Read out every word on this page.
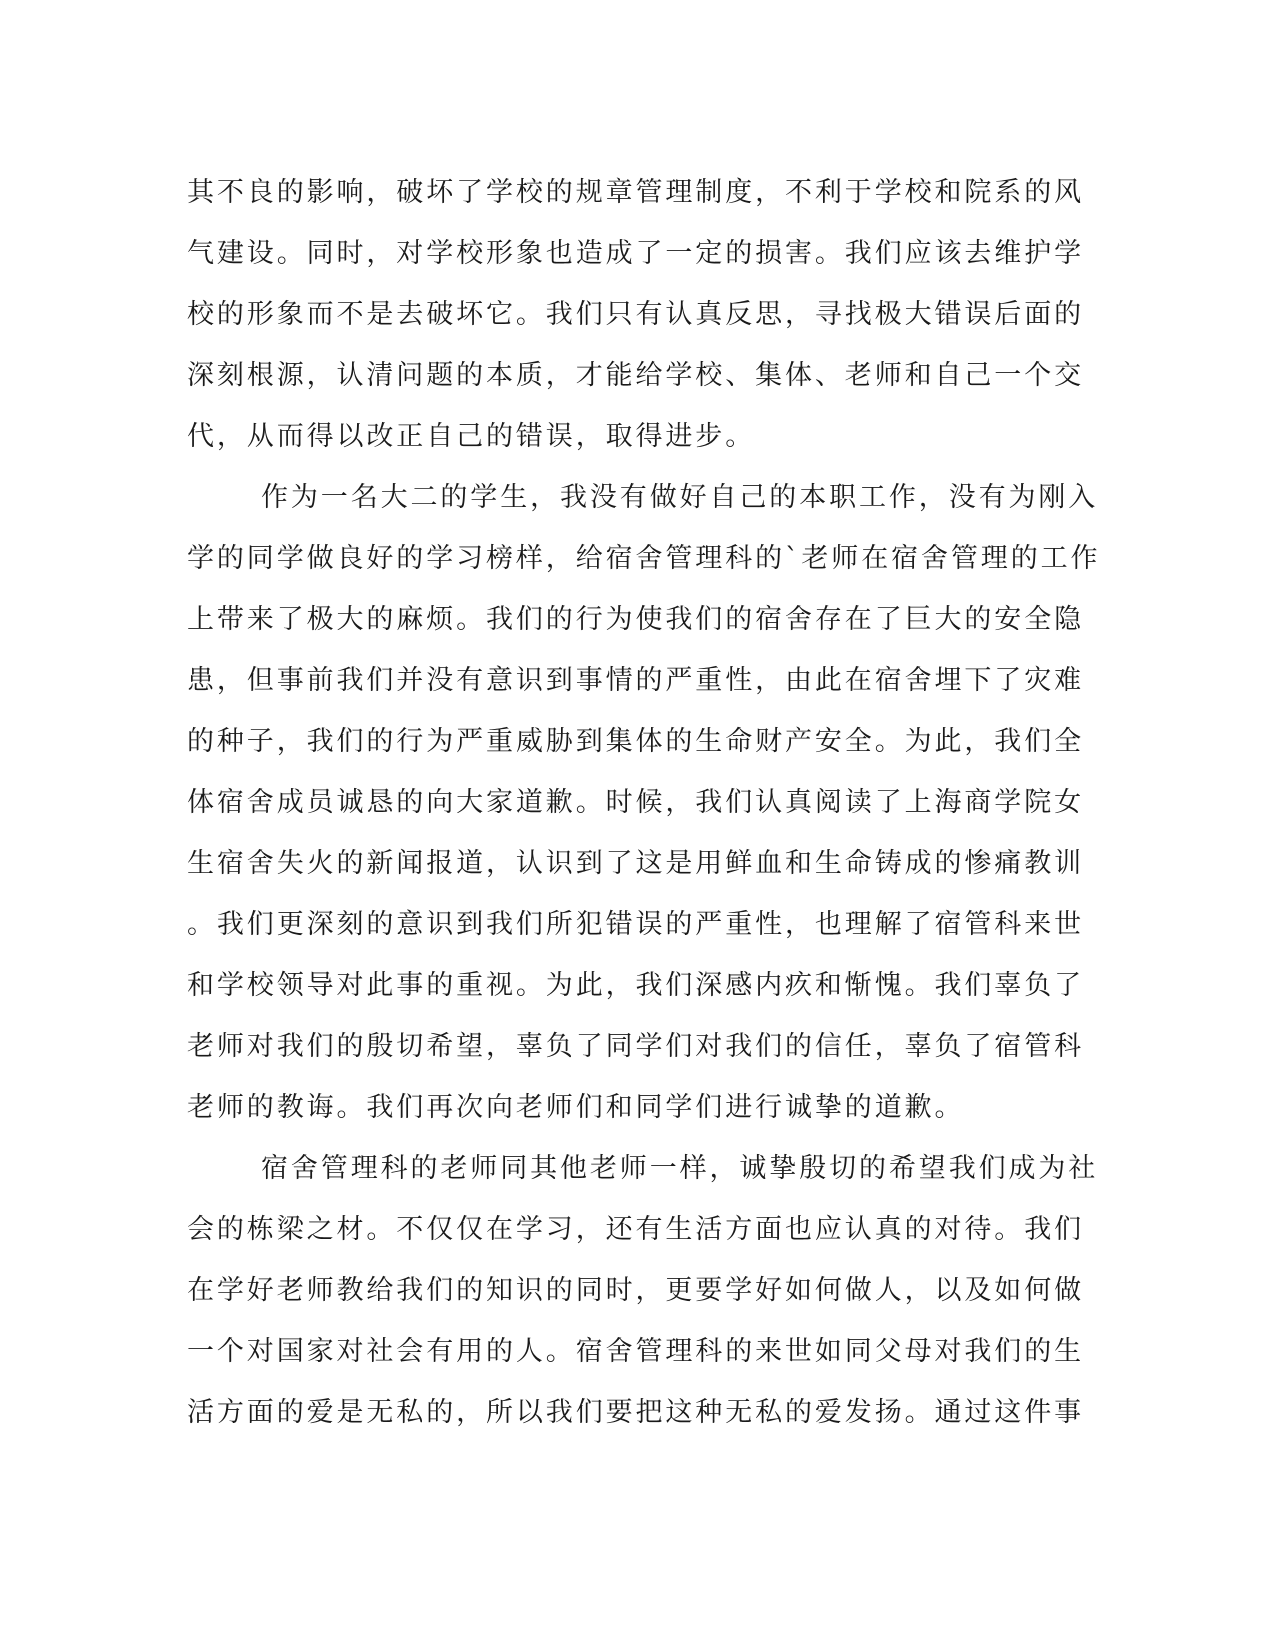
其不良的影响，破坏了学校的规章管理制度，不利于学校和院系的风
气建设。同时，对学校形象也造成了一定的损害。我们应该去维护学
校的形象而不是去破坏它。我们只有认真反思，寻找极大错误后面的
深刻根源，认清问题的本质，才能给学校、集体、老师和自己一个交
代，从而得以改正自己的错误，取得进步。
作为一名大二的学生，我没有做好自己的本职工作，没有为刚入
学的同学做良好的学习榜样，给宿舍管理科的`老师在宿舍管理的工作
上带来了极大的麻烦。我们的行为使我们的宿舍存在了巨大的安全隐
患，但事前我们并没有意识到事情的严重性，由此在宿舍埋下了灾难
的种子，我们的行为严重威胁到集体的生命财产安全。为此，我们全
体宿舍成员诚恳的向大家道歉。时候，我们认真阅读了上海商学院女
生宿舍失火的新闻报道，认识到了这是用鲜血和生命铸成的惨痛教训
。我们更深刻的意识到我们所犯错误的严重性，也理解了宿管科来世
和学校领导对此事的重视。为此，我们深感内疚和惭愧。我们辜负了
老师对我们的殷切希望，辜负了同学们对我们的信任，辜负了宿管科
老师的教诲。我们再次向老师们和同学们进行诚挚的道歉。
宿舍管理科的老师同其他老师一样，诚挚殷切的希望我们成为社
会的栋梁之材。不仅仅在学习，还有生活方面也应认真的对待。我们
在学好老师教给我们的知识的同时，更要学好如何做人，以及如何做
一个对国家对社会有用的人。宿舍管理科的来世如同父母对我们的生
活方面的爱是无私的，所以我们要把这种无私的爱发扬。通过这件事
